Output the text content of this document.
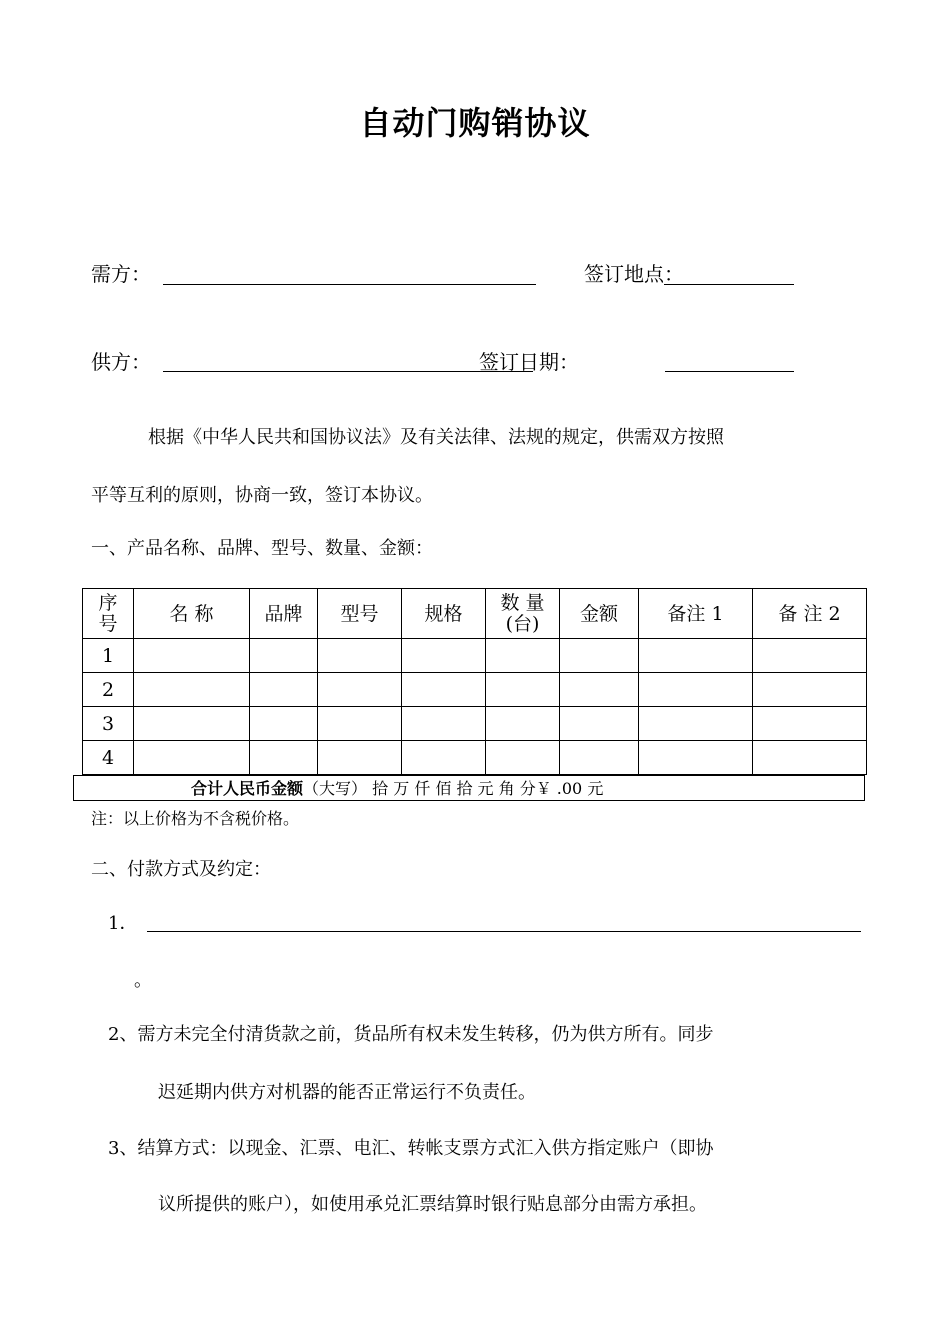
自动门购销协议
需方：	签订地点：
供方：	签订日期：
根据《中华人民共和国协议法》及有关法律、法规的规定，供需双方按照
平等互利的原则，协商一致，签订本协议。
一、产品名称、品牌、型号、数量、金额：
序号	名 称	品牌	型号	规格	数 量(台)	金额	备注 1	备 注 2
1								
2								
3								
4								
合计人民币金额（大写） 拾 万 仟 佰 拾 元 角 分￥ .00 元
注：以上价格为不含税价格。
二、付款方式及约定：
1．
。
2、需方未完全付清货款之前，货品所有权未发生转移，仍为供方所有。同步
迟延期内供方对机器的能否正常运行不负责任。
3、结算方式：以现金、汇票、电汇、转帐支票方式汇入供方指定账户（即协
议所提供的账户），如使用承兑汇票结算时银行贴息部分由需方承担。
